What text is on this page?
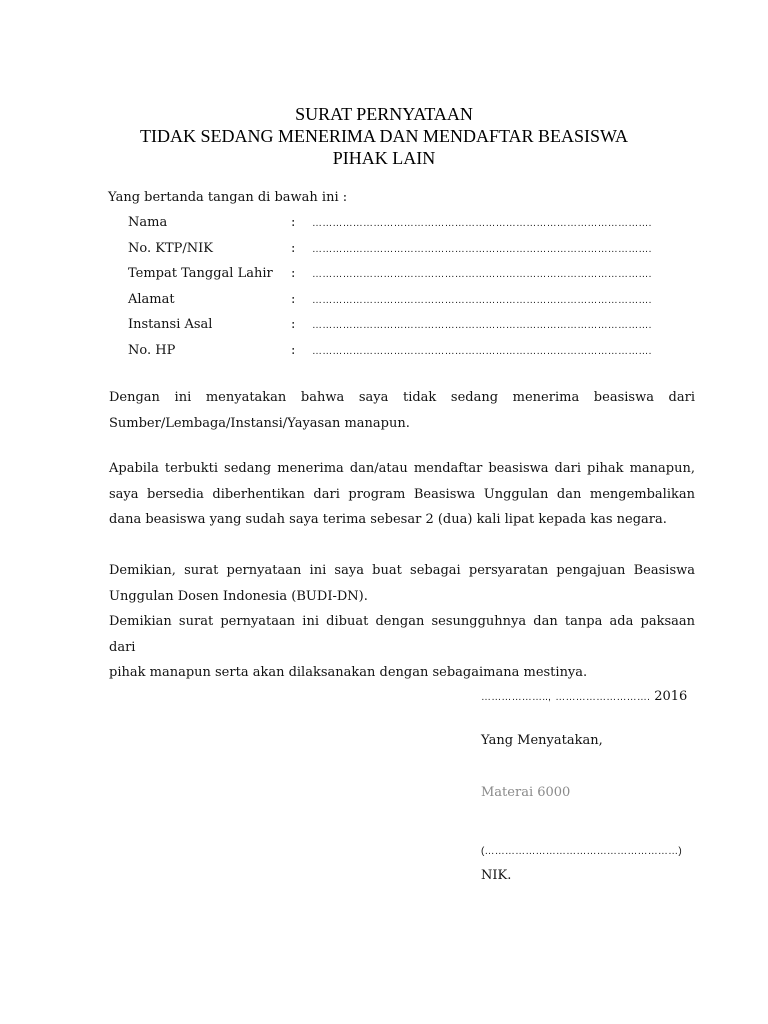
SURAT PERNYATAAN
TIDAK SEDANG MENERIMA DAN MENDAFTAR BEASISWA
PIHAK LAIN
Yang bertanda tangan di bawah ini :
Nama	: ……………………………………………………………………………………….
No. KTP/NIK	: ……………………………………………………………………………………….
Tempat Tanggal Lahir : ……………………………………………………………………………………….
Alamat	: ……………………………………………………………………………………….
Instansi Asal	: ……………………………………………………………………………………….
No. HP	: ……………………………………………………………………………………….
Dengan ini menyatakan bahwa saya tidak sedang menerima beasiswa dari
Sumber/Lembaga/Instansi/Yayasan manapun.
Apabila terbukti sedang menerima dan/atau mendaftar beasiswa dari pihak manapun,
saya bersedia diberhentikan dari program Beasiswa Unggulan dan mengembalikan
dana beasiswa yang sudah saya terima sebesar 2 (dua) kali lipat kepada kas negara.
Demikian, surat pernyataan ini saya buat sebagai persyaratan pengajuan Beasiswa
Unggulan Dosen Indonesia (BUDI-DN).
Demikian surat pernyataan ini dibuat dengan sesungguhnya dan tanpa ada paksaan dari
pihak manapun serta akan dilaksanakan dengan sebagaimana mestinya.
……………….., ………………………. 2016
Yang Menyatakan,
Materai 6000
(…………………………………………………)
NIK.
